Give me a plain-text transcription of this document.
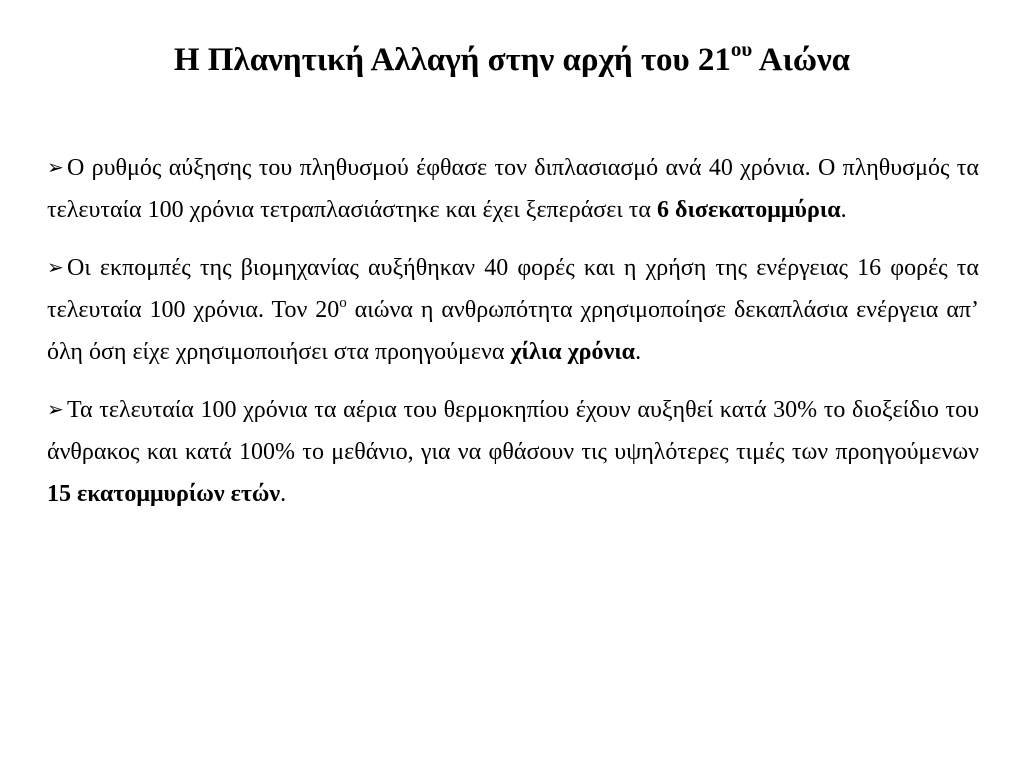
Η Πλανητική Αλλαγή στην αρχή του $21^{o\upsilon}$ Αιώνα

➢ Ο ρυθμός αύξησης του πληθυσμού έφθασε τον διπλασιασμό ανά 40 χρόνια. Ο πληθυσμός τα τελευταία 100 χρόνια τετραπλασιάστηκε και έχει ξεπεράσει τα 6 δισεκατομμύρια.

➢ Οι εκπομπές της βιομηχανίας αυξήθηκαν 40 φορές και η χρήση της ενέργειας 16 φορές τα τελευταία 100 χρόνια. Τον $20^o$ αιώνα η ανθρωπότητα χρησιμοποίησε δεκαπλάσια ενέργεια απ’ όλη όση είχε χρησιμοποιήσει στα προηγούμενα χίλια χρόνια.

➢ Τα τελευταία 100 χρόνια τα αέρια του θερμοκηπίου έχουν αυξηθεί κατά 30% το διοξείδιο του άνθρακος και κατά 100% το μεθάνιο, για να φθάσουν τις υψηλότερες τιμές των προηγούμενων 15 εκατομμυρίων ετών.
